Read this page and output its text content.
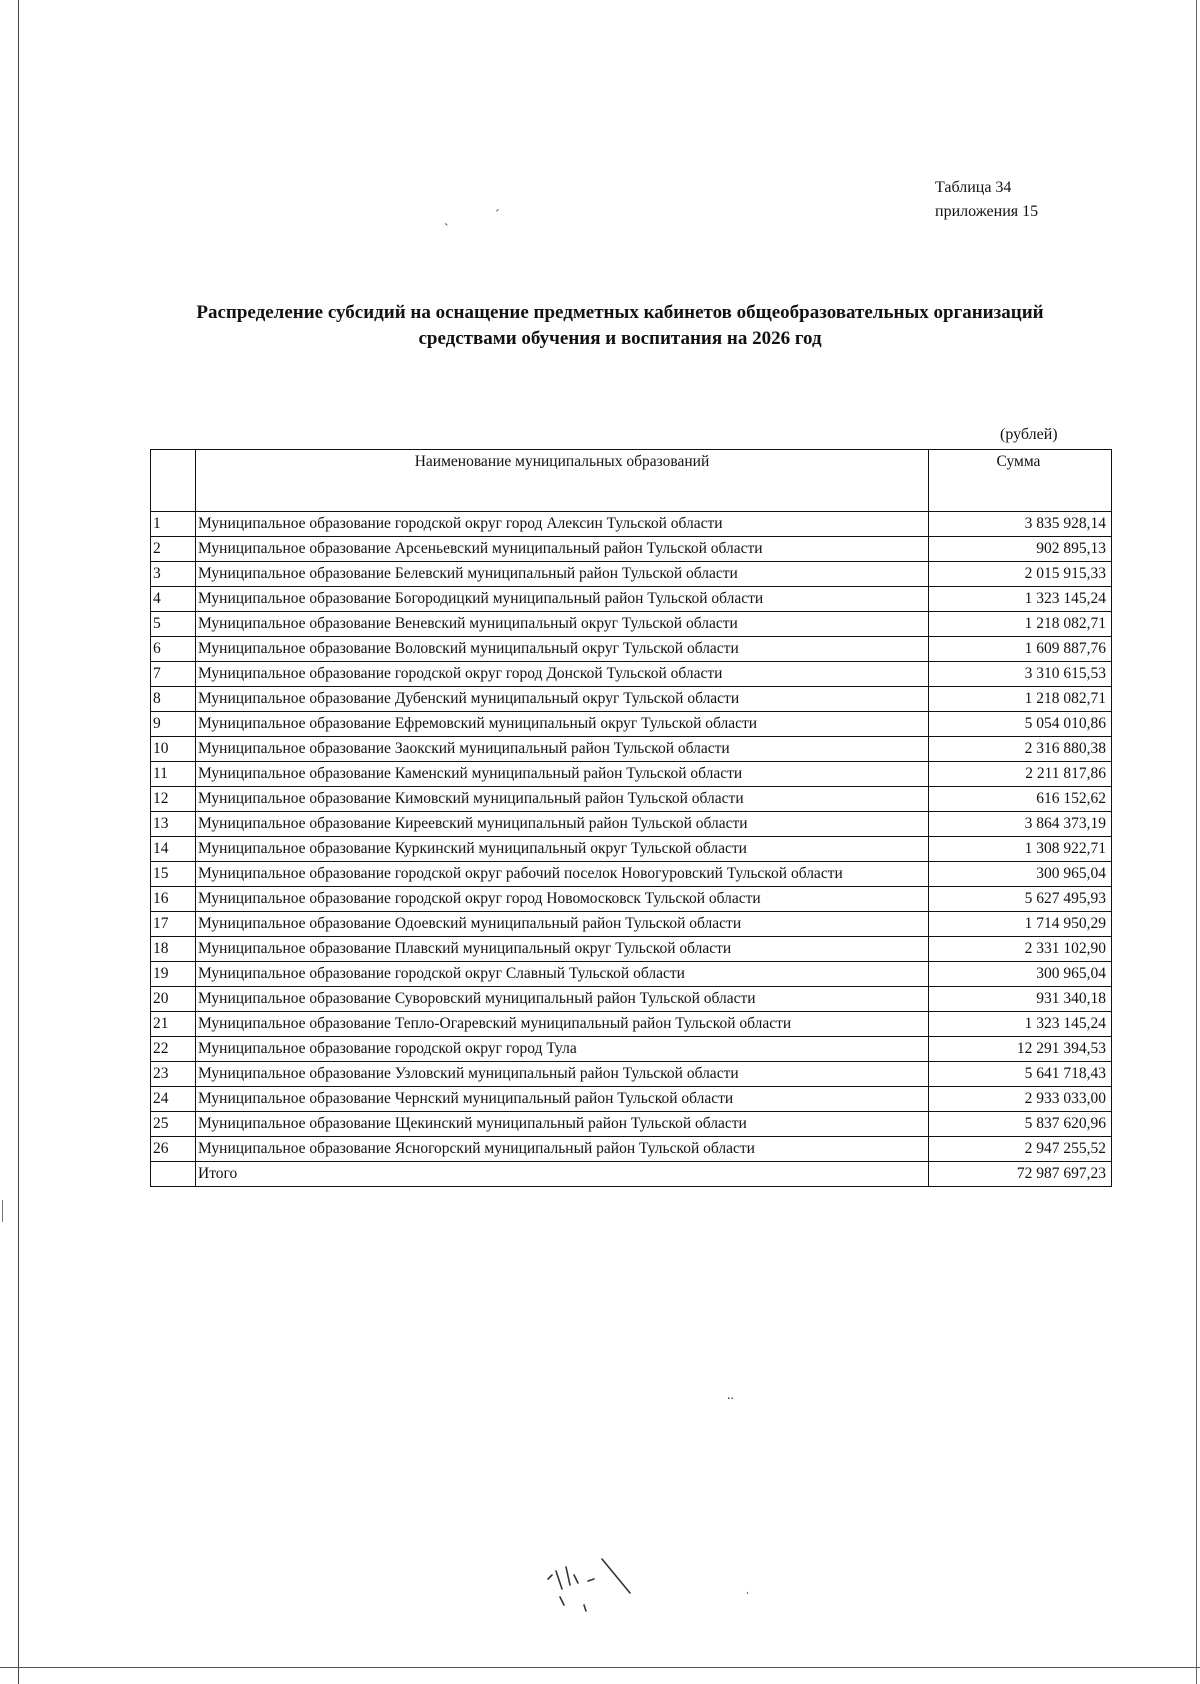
Таблица 34
приложения 15
ˊ
ˋ
Распределение субсидий на оснащение предметных кабинетов общеобразовательных организаций
средствами обучения и воспитания на 2026 год
(рублей)
	Наименование муниципальных образований	Сумма
1	Муниципальное образование городской округ город Алексин Тульской области	3 835 928,14
2	Муниципальное образование Арсеньевский муниципальный район Тульской области	902 895,13
3	Муниципальное образование Белевский муниципальный район Тульской области	2 015 915,33
4	Муниципальное образование Богородицкий муниципальный район Тульской области	1 323 145,24
5	Муниципальное образование Веневский муниципальный округ Тульской области	1 218 082,71
6	Муниципальное образование Воловский муниципальный округ Тульской области	1 609 887,76
7	Муниципальное образование городской округ город Донской Тульской области	3 310 615,53
8	Муниципальное образование Дубенский муниципальный округ Тульской области	1 218 082,71
9	Муниципальное образование Ефремовский муниципальный округ Тульской области	5 054 010,86
10	Муниципальное образование Заокский муниципальный район Тульской области	2 316 880,38
11	Муниципальное образование Каменский муниципальный район Тульской области	2 211 817,86
12	Муниципальное образование Кимовский муниципальный район Тульской области	616 152,62
13	Муниципальное образование Киреевский муниципальный район Тульской области	3 864 373,19
14	Муниципальное образование Куркинский муниципальный округ Тульской области	1 308 922,71
15	Муниципальное образование городской округ рабочий поселок Новогуровский Тульской области	300 965,04
16	Муниципальное образование городской округ город Новомосковск Тульской области	5 627 495,93
17	Муниципальное образование Одоевский муниципальный район Тульской области	1 714 950,29
18	Муниципальное образование Плавский муниципальный округ Тульской области	2 331 102,90
19	Муниципальное образование городской округ Славный Тульской области	300 965,04
20	Муниципальное образование Суворовский муниципальный район Тульской области	931 340,18
21	Муниципальное образование Тепло-Огаревский муниципальный район Тульской области	1 323 145,24
22	Муниципальное образование городской округ город Тула	12 291 394,53
23	Муниципальное образование Узловский муниципальный район Тульской области	5 641 718,43
24	Муниципальное образование Чернский муниципальный район Тульской области	2 933 033,00
25	Муниципальное образование Щекинский муниципальный район Тульской области	5 837 620,96
26	Муниципальное образование Ясногорский муниципальный район Тульской области	2 947 255,52
	Итого	72 987 697,23
..
ˌ
